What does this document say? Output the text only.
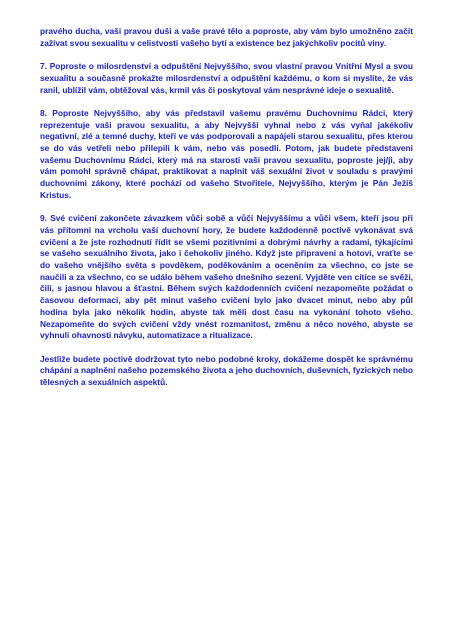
pravého ducha, vaši pravou duši a vaše pravé tělo a poproste, aby vám bylo umožněno začít zažívat svou sexualitu v celistvosti vašeho bytí a existence bez jakýchkoliv pocitů viny.

7. Poproste o milosrdenství a odpuštění Nejvyššího, svou vlastní pravou Vnitřní Mysl a svou sexualitu a současně prokažte milosrdenství a odpuštění každému, o kom si myslíte, že vás ranil, ublížil vám, obtěžoval vás, krmil vás či poskytoval vám nesprávné ideje o sexualitě.

8. Poproste Nejvyššího, aby vás představil vašemu pravému Duchovnímu Rádci, který reprezentuje vaši pravou sexualitu, a aby Nejvyšší vyhnal nebo z vás vyňal jakékoliv negativní, zlé a temné duchy, kteří ve vás podporovali a napájeli starou sexualitu, přes kterou se do vás vetřeli nebo přilepili k vám, nebo vás posedli. Potom, jak budete představeni vašemu Duchovnímu Rádci, který má na starosti vaši pravou sexualitu, poproste jej/ji, aby vám pomohl správně chápat, praktikovat a naplnit váš sexuální život v souladu s pravými duchovními zákony, které pochází od vašeho Stvořitele, Nejvyššího, kterým je Pán Ježíš Kristus.

9. Své cvičení zakončete závazkem vůči sobě a vůči Nejvyššímu a vůči všem, kteří jsou při vás přítomni na vrcholu vaší duchovní hory, že budete každodenně poctivě vykonávat svá cvičení a že jste rozhodnutí řídit se všemi pozitivními a dobrými návrhy a radami, týkajícími se vašeho sexuálního života, jako i čehokoliv jiného. Když jste připraveni a hotovi, vraťte se do vašeho vnějšího světa s povděkem, poděkováním a oceněním za všechno, co jste se naučili a za všechno, co se událo během vašeho dnešního sezení. Vyjděte ven cítíce se svěží, čilí, s jasnou hlavou a šťastní. Během svých každodenních cvičení nezapomeňte požádat o časovou deformaci, aby pět minut vašeho cvičení bylo jako dvacet minut, nebo aby půl hodina byla jako několik hodin, abyste tak měli dost času na vykonání tohoto všeho. Nezapomeňte do svých cvičení vždy vnést rozmanitost, změnu a něco nového, abyste se vyhnuli ohavnosti návyku, automatizace a ritualizace.

Jestliže budete poctivě dodržovat tyto nebo podobné kroky, dokážeme dospět ke správnému chápání a naplnění našeho pozemského života a jeho duchovních, duševních, fyzických nebo tělesných a sexuálních aspektů.
